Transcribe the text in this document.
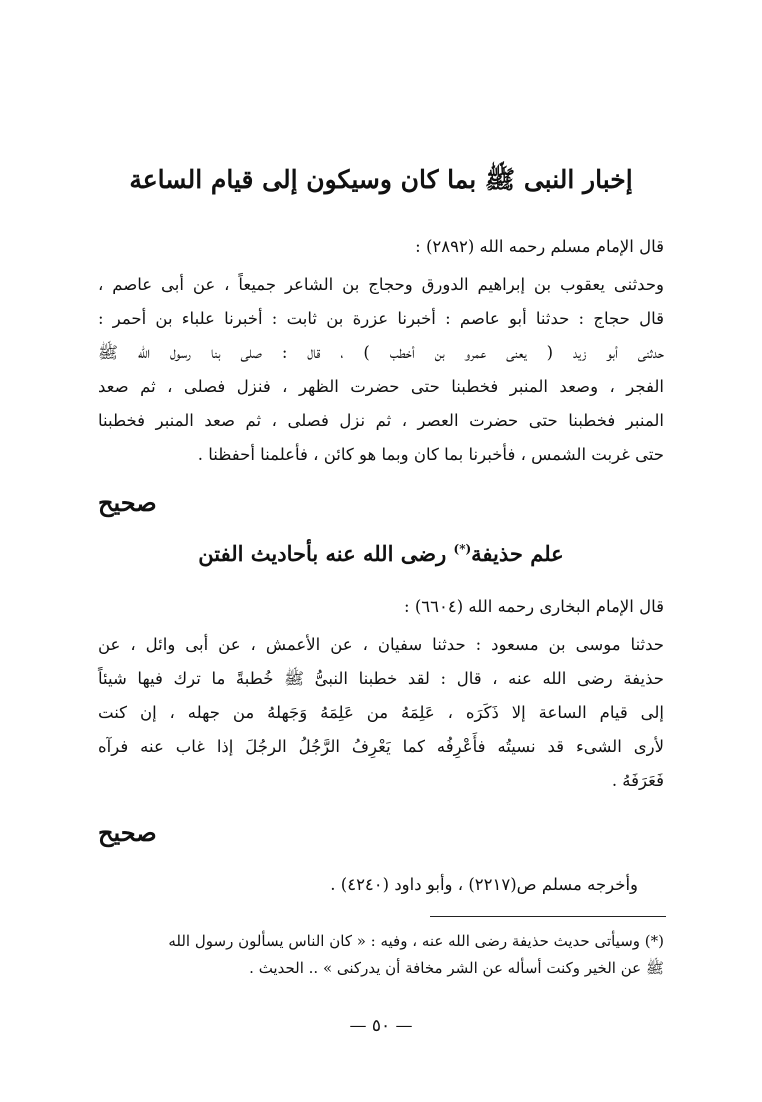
إخبار النبى ﷺ بما كان وسيكون إلى قيام الساعة
قال الإمام مسلم رحمه الله (٢٨٩٢) :
وحدثنى يعقوب بن إبراهيم الدورق وحجاج بن الشاعر جميعاً ، عن أبى عاصم ،
قال حجاج : حدثنا أبو عاصم : أخبرنا عزرة بن ثابت : أخبرنا علباء بن أحمر :
حدثنى أبو زيد ( يعنى عمرو بن أخطب ) ، قال : صلى بنا رسول الله ﷺ
الفجر ، وصعد المنبر فخطبنا حتى حضرت الظهر ، فنزل فصلى ، ثم صعد
المنبر فخطبنا حتى حضرت العصر ، ثم نزل فصلى ، ثم صعد المنبر فخطبنا
حتى غربت الشمس ، فأخبرنا بما كان وبما هو كائن ، فأعلمنا أحفظنا .
صحيح
علم حذيفة(*) رضى الله عنه بأحاديث الفتن
قال الإمام البخارى رحمه الله (٦٦٠٤) :
حدثنا موسى بن مسعود : حدثنا سفيان ، عن الأعمش ، عن أبى وائل ، عن
حذيفة رضى الله عنه ، قال : لقد خطبنا النبىُّ ﷺ خُطبةً ما ترك فيها شيئاً
إلى قيام الساعة إلا ذَكَرَه ، عَلِمَهُ من عَلِمَهُ وَجَهلهُ من جهله ، إن كنت
لأرى الشىء قد نسيتُه فأَعْرِفُه كما يَعْرِفُ الرَّجُلُ الرجُلَ إذا غاب عنه فرآه
فَعَرَفَهُ .
صحيح
وأخرجه مسلم ص(٢٢١٧) ، وأبو داود (٤٢٤٠) .
(*) وسيأتى حديث حذيفة رضى الله عنه ، وفيه : « كان الناس يسألون رسول الله
ﷺ عن الخير وكنت أسأله عن الشر مخافة أن يدركنى » .. الحديث .
— ٥٠ —
